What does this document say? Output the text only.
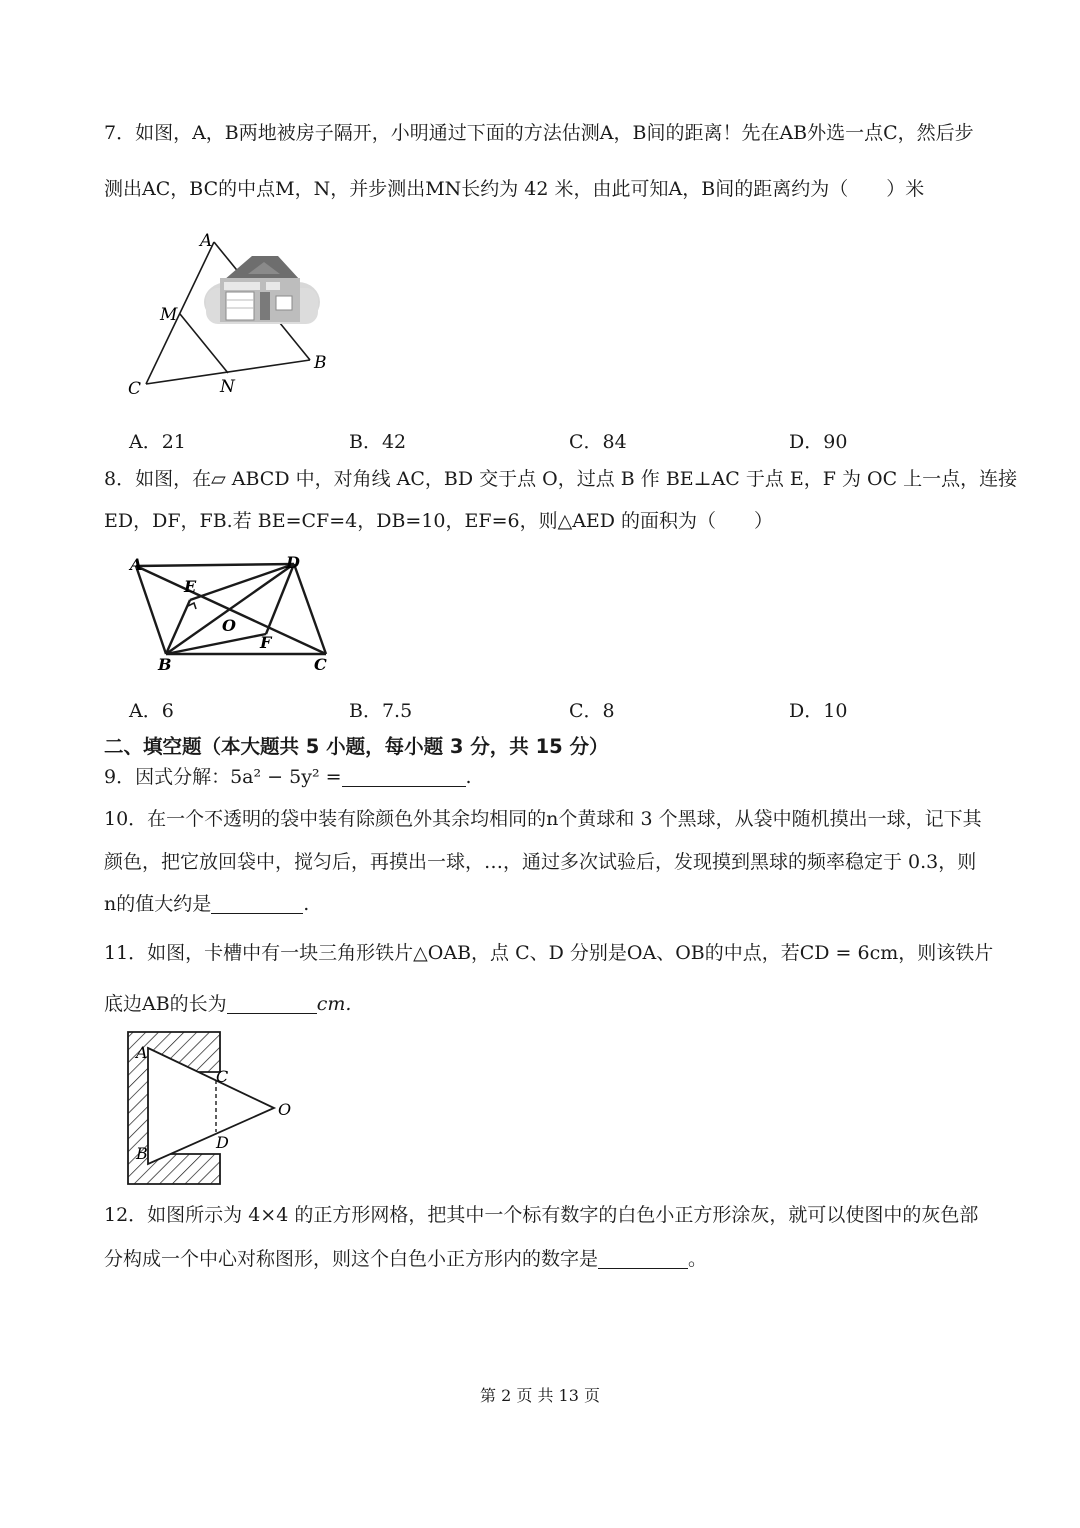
7．如图，A，B两地被房子隔开，小明通过下面的方法估测A，B间的距离！先在AB外选一点C，然后步
测出AC，BC的中点M，N，并步测出MN长约为 42 米，由此可知A，B间的距离约为（　　）米
A
M
B
C	N
A．21	B．42	C．84	D．90
8．如图，在▱ ABCD 中，对角线 AC，BD 交于点 O，过点 B 作 BE⊥AC 于点 E，F 为 OC 上一点，连接
ED，DF，FB.若 BE=CF=4，DB=10，EF=6，则△AED 的面积为（　　）
A	D
E
O
F
B	C
A．6	B．7.5	C．8	D．10
二、填空题（本大题共 5 小题，每小题 3 分，共 15 分）
9．因式分解：5a² − 5y² =	.
10．在一个不透明的袋中装有除颜色外其余均相同的n个黄球和 3 个黑球，从袋中随机摸出一球，记下其
颜色，把它放回袋中，搅匀后，再摸出一球，…，通过多次试验后，发现摸到黑球的频率稳定于 0.3，则
n的值大约是	.
11．如图，卡槽中有一块三角形铁片△OAB，点 C、D 分别是OA、OB的中点，若CD = 6cm，则该铁片
底边AB的长为	cm.
A
C
O
D
B
12．如图所示为 4×4 的正方形网格，把其中一个标有数字的白色小正方形涂灰，就可以使图中的灰色部
分构成一个中心对称图形，则这个白色小正方形内的数字是	。
第 2 页 共 13 页
